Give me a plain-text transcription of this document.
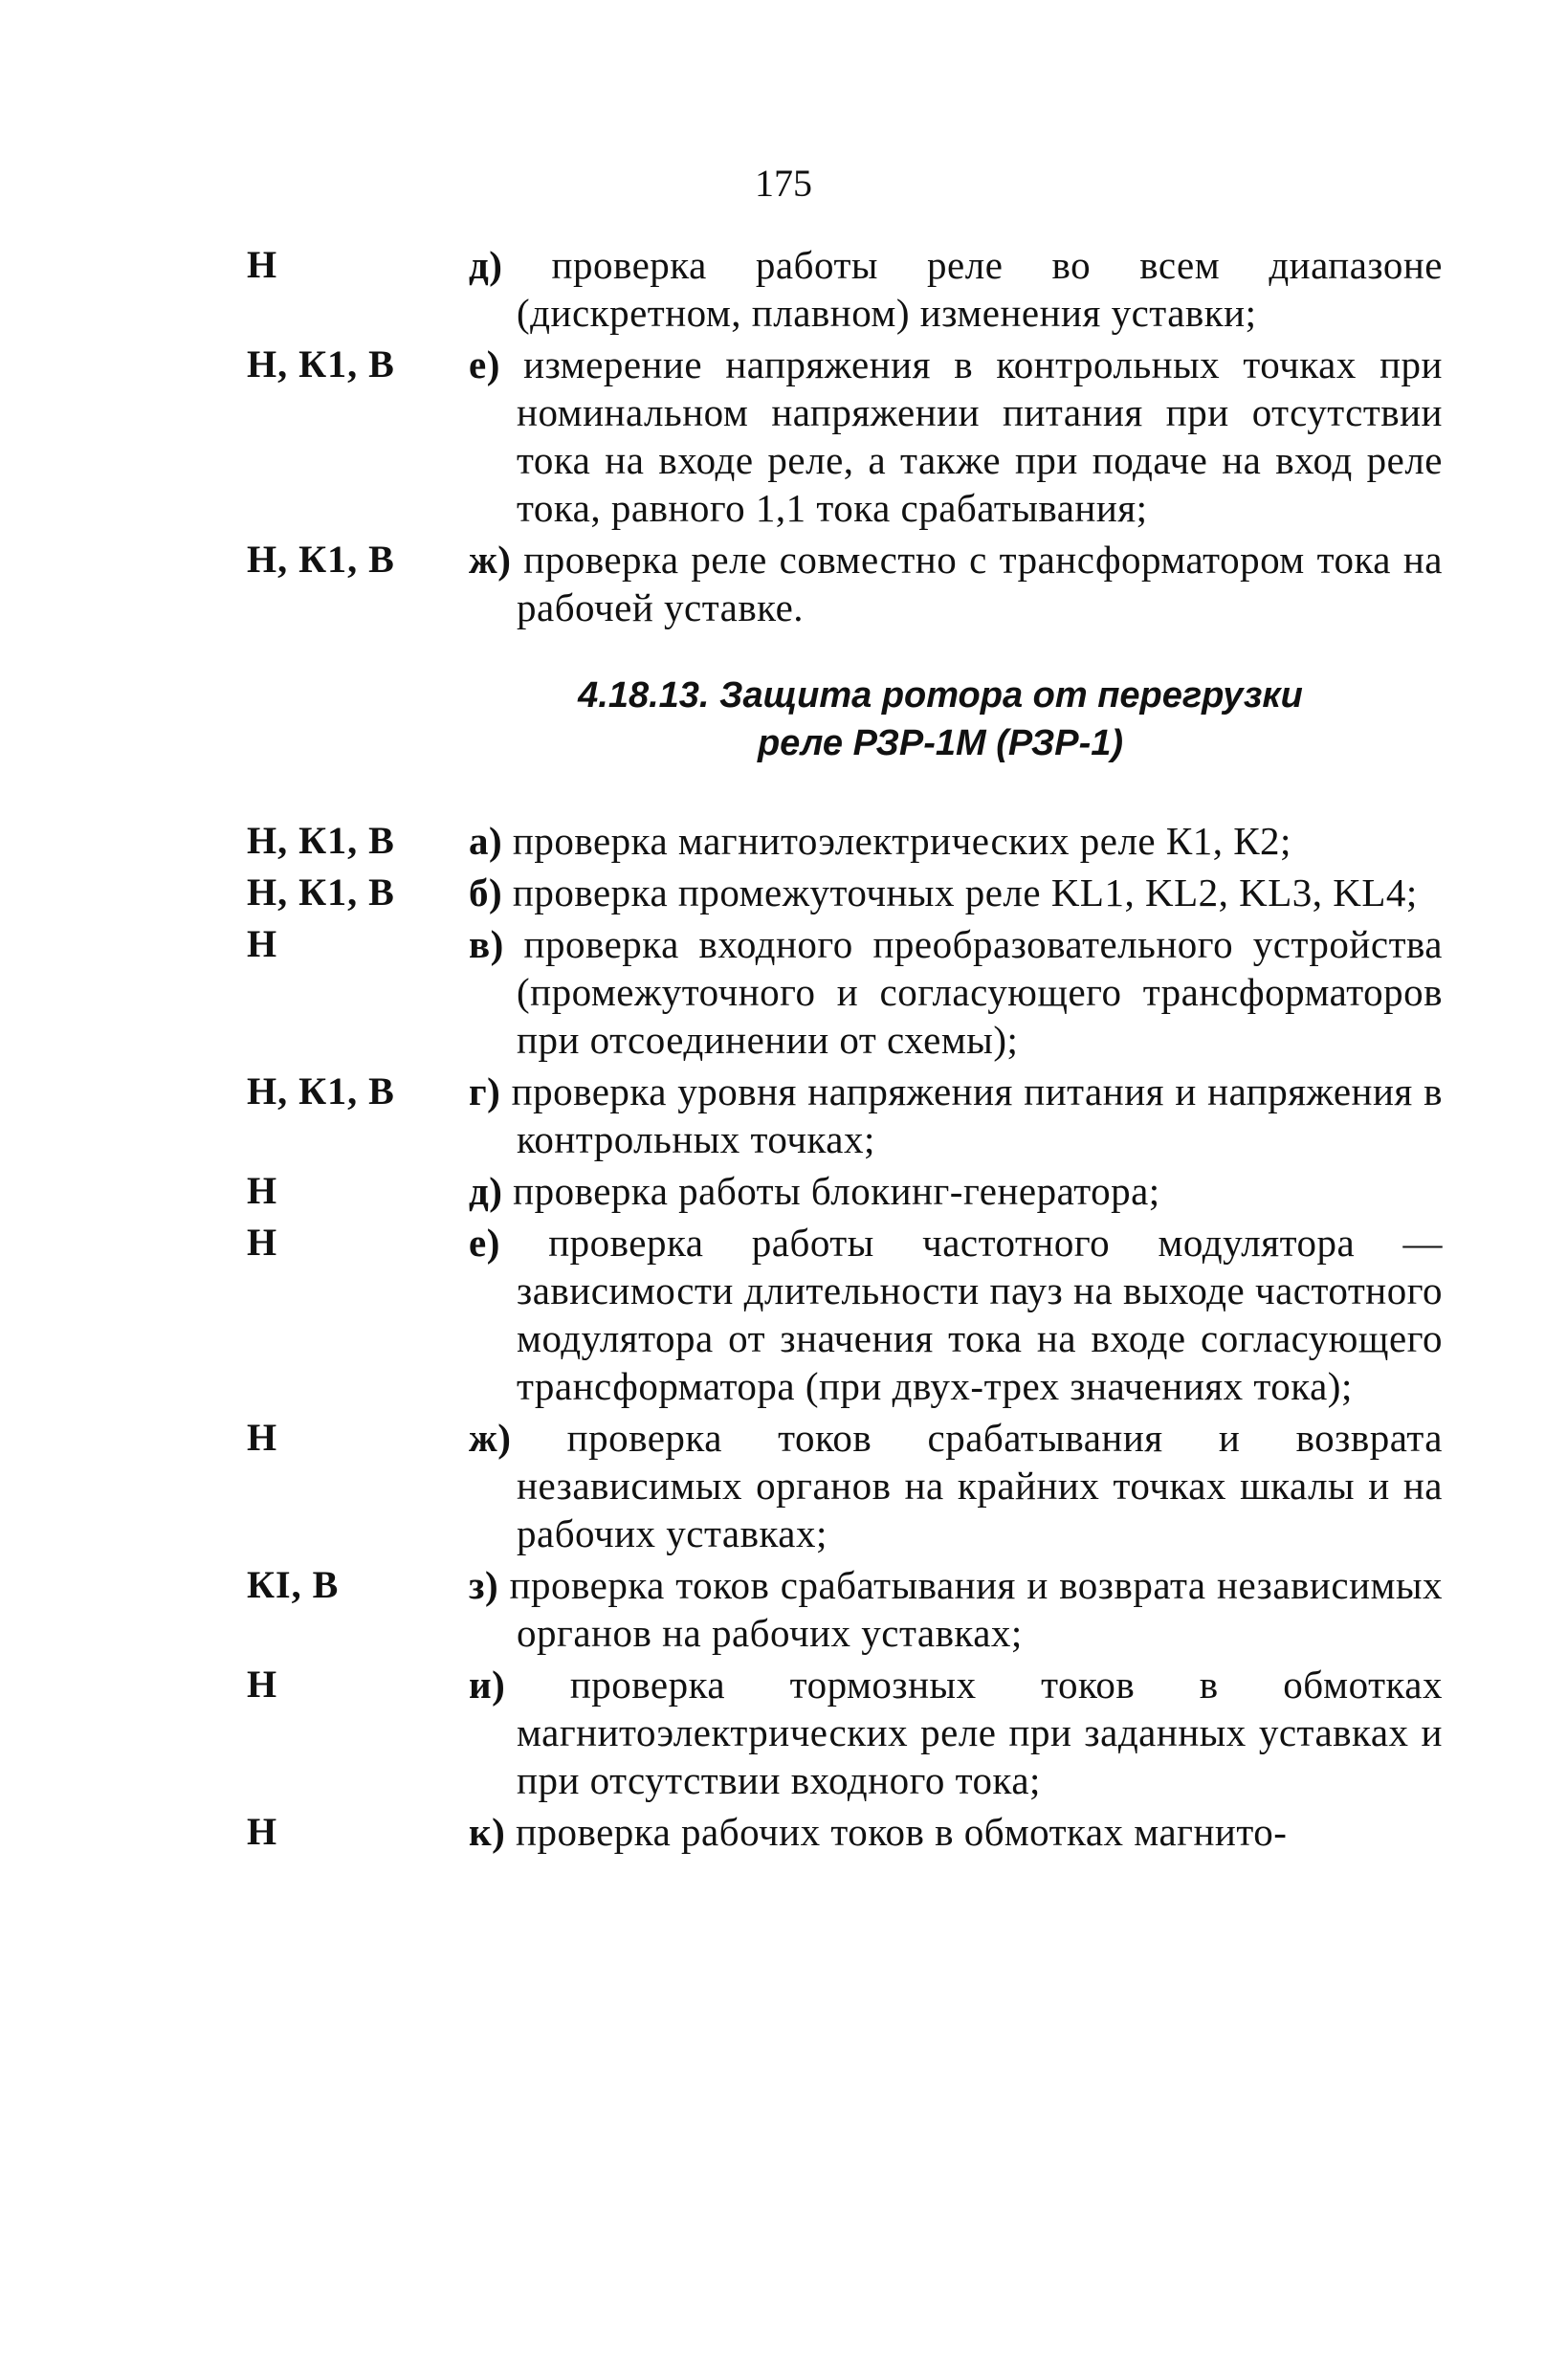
175
Н	д) проверка работы реле во всем диапазоне (дискретном, плавном) изменения уставки;
Н, К1, В	е) измерение напряжения в контрольных точках при номинальном напряжении питания при отсутствии тока на входе реле, а также при подаче на вход реле тока, равного 1,1 тока срабатывания;
Н, К1, В	ж) проверка реле совместно с трансформатором тока на рабочей уставке.
4.18.13. Защита ротора от перегрузки
реле РЗР-1М (РЗР-1)
Н, К1, В	а) проверка магнитоэлектрических реле К1, К2;
Н, К1, В	б) проверка промежуточных реле KL1, KL2, KL3, KL4;
Н	в) проверка входного преобразовательного устройства (промежуточного и согласующего трансформаторов при отсоединении от схемы);
Н, К1, В	г) проверка уровня напряжения питания и напряжения в контрольных точках;
Н	д) проверка работы блокинг-генератора;
Н	е) проверка работы частотного модулятора — зависимости длительности пауз на выходе частотного модулятора от значения тока на входе согласующего трансформатора (при двух-трех значениях тока);
Н	ж) проверка токов срабатывания и возврата независимых органов на крайних точках шкалы и на рабочих уставках;
КI, В	з) проверка токов срабатывания и возврата независимых органов на рабочих уставках;
Н	и) проверка тормозных токов в обмотках магнитоэлектрических реле при заданных уставках и при отсутствии входного тока;
Н	к) проверка рабочих токов в обмотках магнито-
